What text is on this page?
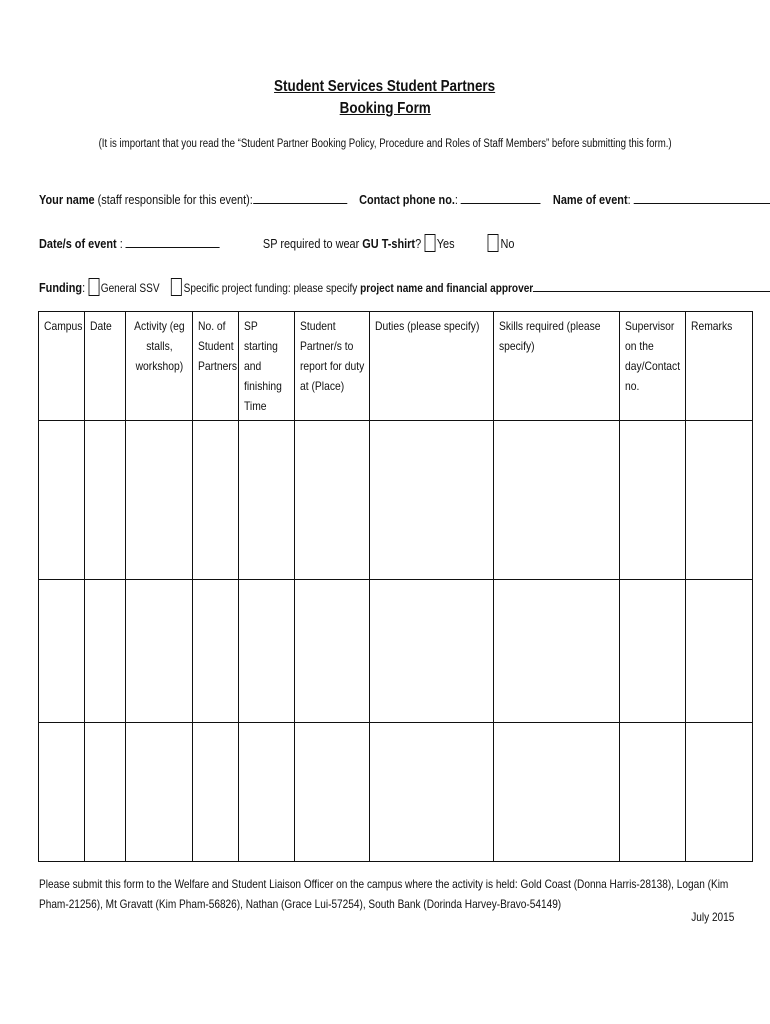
Student Services Student Partners
Booking Form
(It is important that you read the “Student Partner Booking Policy, Procedure and Roles of Staff Members” before submitting this form.)
Your name (staff responsible for this event):	Contact phone no.:	Name of event:
Date/s of event :	SP required to wear GU T-shirt? Yes	No
Funding: General SSV Specific project funding: please specify project name and financial approver
Campus	Date	Activity (eg stalls, workshop)	No. of Student Partners	SP starting and finishing Time	Student Partner/s to report for duty at (Place)	Duties (please specify)	Skills required (please specify)	Supervisor on the day/Contact no.	Remarks

Please submit this form to the Welfare and Student Liaison Officer on the campus where the activity is held: Gold Coast (Donna Harris-28138), Logan (Kim Pham-21256), Mt Gravatt (Kim Pham-56826), Nathan (Grace Lui-57254), South Bank (Dorinda Harvey-Bravo-54149)
July 2015
